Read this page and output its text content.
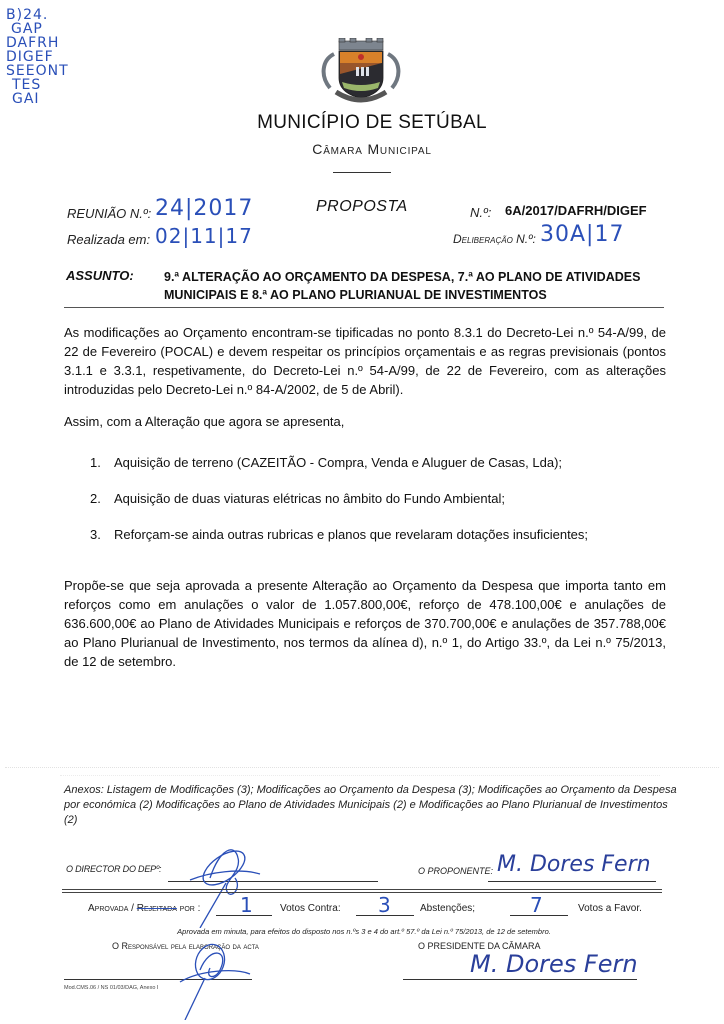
B)24.
GAP
DAFRH
DIGEF
SEEONT
TES
GAI
MUNICÍPIO DE SETÚBAL
Câmara Municipal
REUNIÃO N.º: 24|2017
Realizada em: 02|11|17
PROPOSTA	N.º: 6A/2017/DAFRH/DIGEF
Deliberação N.º: 30A|17
ASSUNTO: 9.ª ALTERAÇÃO AO ORÇAMENTO DA DESPESA, 7.ª AO PLANO DE ATIVIDADES MUNICIPAIS E 8.ª AO PLANO PLURIANUAL DE INVESTIMENTOS
As modificações ao Orçamento encontram-se tipificadas no ponto 8.3.1 do Decreto-Lei n.º 54-A/99, de 22 de Fevereiro (POCAL) e devem respeitar os princípios orçamentais e as regras previsionais (pontos 3.1.1 e 3.3.1, respetivamente, do Decreto-Lei n.º 54-A/99, de 22 de Fevereiro, com as alterações introduzidas pelo Decreto-Lei n.º 84-A/2002, de 5 de Abril).
Assim, com a Alteração que agora se apresenta,
1. Aquisição de terreno (CAZEITÃO - Compra, Venda e Aluguer de Casas, Lda);
2. Aquisição de duas viaturas elétricas no âmbito do Fundo Ambiental;
3. Reforçam-se ainda outras rubricas e planos que revelaram dotações insuficientes;
Propõe-se que seja aprovada a presente Alteração ao Orçamento da Despesa que importa tanto em reforços como em anulações o valor de 1.057.800,00€, reforço de 478.100,00€ e anulações de 636.600,00€ ao Plano de Atividades Municipais e reforços de 370.700,00€ e anulações de 357.788,00€ ao Plano Plurianual de Investimento, nos termos da alínea d), n.º 1, do Artigo 33.º, da Lei n.º 75/2013, de 12 de setembro.
Anexos: Listagem de Modificações (3); Modificações ao Orçamento da Despesa (3); Modificações ao Orçamento da Despesa por económica (2) Modificações ao Plano de Atividades Municipais (2) e Modificações ao Plano Plurianual de Investimentos (2)
O DIRECTOR DO DEPº:	O PROPONENTE: M. Dores Fern
Aprovada / Rejeitada por : 1	Votos Contra: 3	Abstenções;	7	Votos a Favor.
Aprovada em minuta, para efeitos do disposto nos n.ºs 3 e 4 do art.º 57.º da Lei n.º 75/2013, de 12 de setembro.
O Responsável pela elaboração da acta	O PRESIDENTE DA CÂMARA
M. Dores Fern
Mod.CMS.06 / NS 01/03/DAG, Anexo I
